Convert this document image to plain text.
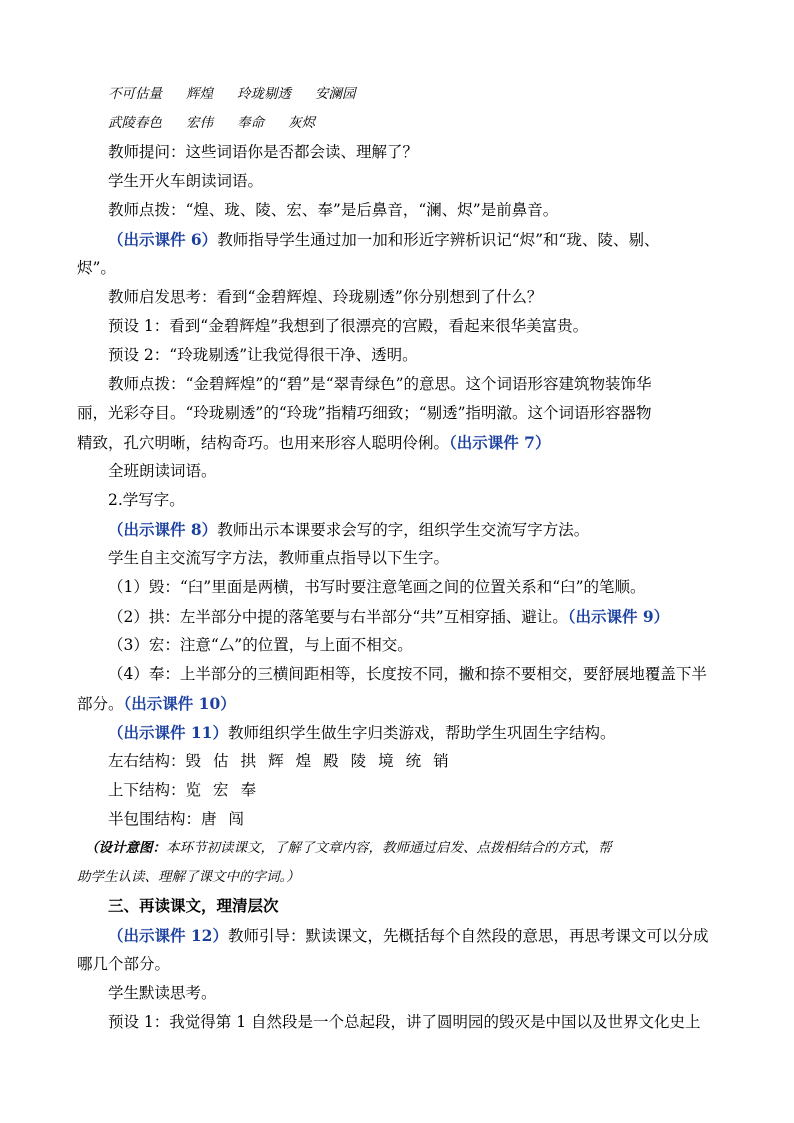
不可估量 辉煌 玲珑剔透 安澜园
武陵春色 宏伟 奉命 灰烬
教师提问：这些词语你是否都会读、理解了？
学生开火车朗读词语。
教师点拨：“煌、珑、陵、宏、奉”是后鼻音，“澜、烬”是前鼻音。
（出示课件 6）教师指导学生通过加一加和形近字辨析识记“烬”和“珑、陵、剔、
烬”。
教师启发思考：看到“金碧辉煌、玲珑剔透”你分别想到了什么？
预设 1：看到“金碧辉煌”我想到了很漂亮的宫殿，看起来很华美富贵。
预设 2：“玲珑剔透”让我觉得很干净、透明。
教师点拨：“金碧辉煌”的“碧”是“翠青绿色”的意思。这个词语形容建筑物装饰华
丽，光彩夺目。“玲珑剔透”的“玲珑”指精巧细致；“剔透”指明澈。这个词语形容器物
精致，孔穴明晰，结构奇巧。也用来形容人聪明伶俐。（出示课件 7）
全班朗读词语。
2.学写字。
（出示课件 8）教师出示本课要求会写的字，组织学生交流写字方法。
学生自主交流写字方法，教师重点指导以下生字。
（1）毁：“臼”里面是两横，书写时要注意笔画之间的位置关系和“臼”的笔顺。
（2）拱：左半部分中提的落笔要与右半部分“共”互相穿插、避让。（出示课件 9）
（3）宏：注意“厶”的位置，与上面不相交。
（4）奉：上半部分的三横间距相等，长度按不同，撇和捺不要相交，要舒展地覆盖下半
部分。（出示课件 10）
（出示课件 11）教师组织学生做生字归类游戏，帮助学生巩固生字结构。
左右结构：毁 估 拱 辉 煌 殿 陵 境 统 销
上下结构：览 宏 奉
半包围结构：唐 闯
（设计意图：本环节初读课文，了解了文章内容，教师通过启发、点拨相结合的方式，帮
助学生认读、理解了课文中的字词。）
三、再读课文，理清层次
（出示课件 12）教师引导：默读课文，先概括每个自然段的意思，再思考课文可以分成
哪几个部分。
学生默读思考。
预设 1：我觉得第 1 自然段是一个总起段，讲了圆明园的毁灭是中国以及世界文化史上
